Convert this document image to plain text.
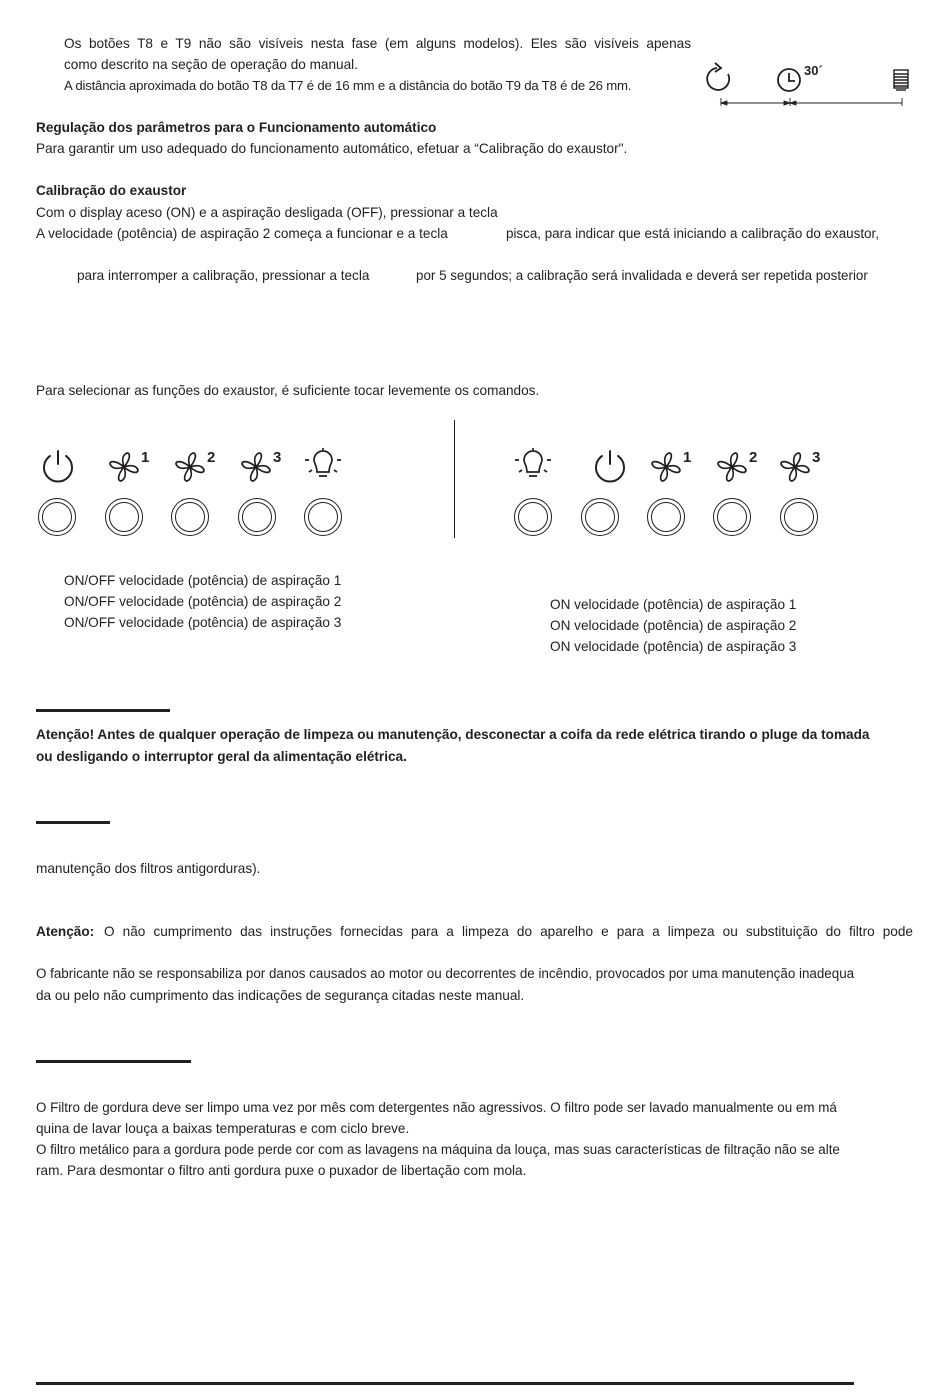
Os botões T8 e T9 não são visíveis nesta fase (em alguns modelos). Eles são visíveis apenas
como descrito na seção de operação do manual.
A distância aproximada do botão T8 da T7 é de 16 mm e a distância do botão T9 da T8 é de 26 mm.
30´
Regulação dos parâmetros para o Funcionamento automático
Para garantir um uso adequado do funcionamento automático, efetuar a “Calibração do exaustor".
Calibração do exaustor
Com o display aceso (ON) e a aspiração desligada (OFF), pressionar a tecla
A velocidade (potência) de aspiração 2 começa a funcionar e a tecla	pisca, para indicar que está iniciando a calibração do exaustor,
para interromper a calibração, pressionar a tecla	por 5 segundos; a calibração será invalidada e deverá ser repetida posterior
Para selecionar as funções do exaustor, é suficiente tocar levemente os comandos.
1	2	3	1	2	3
ON/OFF velocidade (potência) de aspiração 1
ON/OFF velocidade (potência) de aspiração 2
ON/OFF velocidade (potência) de aspiração 3
ON velocidade (potência) de aspiração 1
ON velocidade (potência) de aspiração 2
ON velocidade (potência) de aspiração 3
Atenção! Antes de qualquer operação de limpeza ou manutenção, desconectar a coifa da rede elétrica tirando o pluge da tomada
ou desligando o interruptor geral da alimentação elétrica.
manutenção dos filtros antigorduras).
Atenção: O não cumprimento das instruções fornecidas para a limpeza do aparelho e para a limpeza ou substituição do filtro pode
O fabricante não se responsabiliza por danos causados ao motor ou decorrentes de incêndio, provocados por uma manutenção inadequa
da ou pelo não cumprimento das indicações de segurança citadas neste manual.
O Filtro de gordura deve ser limpo uma vez por mês com detergentes não agressivos. O filtro pode ser lavado manualmente ou em má
quina de lavar louça a baixas temperaturas e com ciclo breve.
O filtro metálico para a gordura pode perde cor com as lavagens na máquina da louça, mas suas características de filtração não se alte
ram. Para desmontar o filtro anti gordura puxe o puxador de libertação com mola.
